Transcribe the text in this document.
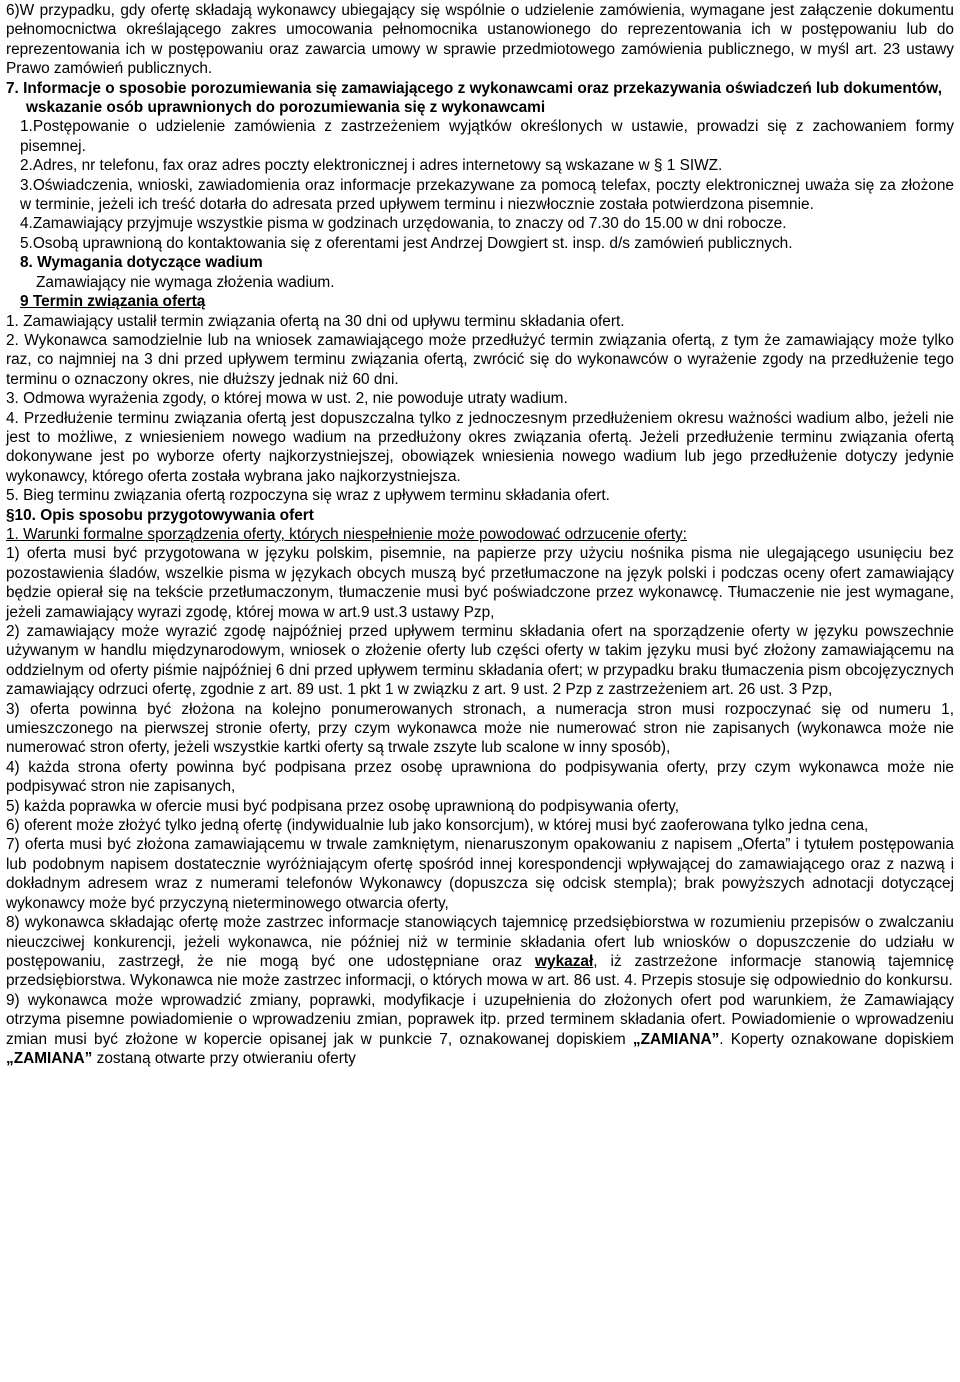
6)W przypadku, gdy ofertę składają wykonawcy ubiegający się wspólnie o udzielenie zamówienia, wymagane jest załączenie dokumentu pełnomocnictwa określającego zakres umocowania pełnomocnika ustanowionego do reprezentowania ich w postępowaniu lub do reprezentowania ich w postępowaniu oraz zawarcia umowy w sprawie przedmiotowego zamówienia publicznego, w myśl art. 23 ustawy Prawo zamówień publicznych.

7. Informacje o sposobie porozumiewania się zamawiającego z wykonawcami oraz przekazywania oświadczeń lub dokumentów, wskazanie osób uprawnionych do porozumiewania się z wykonawcami

1.Postępowanie o udzielenie zamówienia z zastrzeżeniem wyjątków określonych w ustawie, prowadzi się z zachowaniem formy pisemnej.

2.Adres, nr telefonu, fax oraz adres poczty elektronicznej i adres internetowy są wskazane w § 1 SIWZ.

3.Oświadczenia, wnioski, zawiadomienia oraz informacje przekazywane za pomocą telefax, poczty elektronicznej uważa się za złożone w terminie, jeżeli ich treść dotarła do adresata przed upływem terminu i niezwłocznie została potwierdzona pisemnie.

4.Zamawiający przyjmuje wszystkie pisma w godzinach urzędowania, to znaczy od 7.30 do 15.00 w dni robocze.

5.Osobą uprawnioną do kontaktowania się z oferentami jest Andrzej Dowgiert st. insp. d/s zamówień publicznych.

8. Wymagania dotyczące wadium

Zamawiający nie wymaga złożenia wadium.

9 Termin związania ofertą

1. Zamawiający ustalił termin związania ofertą na 30 dni od upływu terminu składania ofert.

2. Wykonawca samodzielnie lub na wniosek zamawiającego może przedłużyć termin związania ofertą, z tym że zamawiający może tylko raz, co najmniej na 3 dni przed upływem terminu związania ofertą, zwrócić się do wykonawców o wyrażenie zgody na przedłużenie tego terminu o oznaczony okres, nie dłuższy jednak niż 60 dni.

3. Odmowa wyrażenia zgody, o której mowa w ust. 2, nie powoduje utraty wadium.

4. Przedłużenie terminu związania ofertą jest dopuszczalna tylko z jednoczesnym przedłużeniem okresu ważności wadium albo, jeżeli nie jest to możliwe, z wniesieniem nowego wadium na przedłużony okres związania ofertą. Jeżeli przedłużenie terminu związania ofertą dokonywane jest po wyborze oferty najkorzystniejszej, obowiązek wniesienia nowego wadium lub jego przedłużenie dotyczy jedynie wykonawcy, którego oferta została wybrana jako najkorzystniejsza.

5. Bieg terminu związania ofertą rozpoczyna się wraz z upływem terminu składania ofert.

§10. Opis sposobu przygotowywania ofert

1. Warunki formalne sporządzenia oferty, których niespełnienie może powodować odrzucenie oferty:

1) oferta musi być przygotowana w języku polskim, pisemnie, na papierze przy użyciu nośnika pisma nie ulegającego usunięciu bez pozostawienia śladów, wszelkie pisma w językach obcych muszą być przetłumaczone na język polski i podczas oceny ofert zamawiający będzie opierał się na tekście przetłumaczonym, tłumaczenie musi być poświadczone przez wykonawcę. Tłumaczenie nie jest wymagane, jeżeli zamawiający wyrazi zgodę, której mowa w art.9 ust.3 ustawy Pzp,

2) zamawiający może wyrazić zgodę najpóźniej przed upływem terminu składania ofert na sporządzenie oferty w języku powszechnie używanym w handlu międzynarodowym, wniosek o złożenie oferty lub części oferty w takim języku musi być złożony zamawiającemu na oddzielnym od oferty piśmie najpóźniej 6 dni przed upływem terminu składania ofert; w przypadku braku tłumaczenia pism obcojęzycznych zamawiający odrzuci ofertę, zgodnie z art. 89 ust. 1 pkt 1 w związku z art. 9 ust. 2 Pzp z zastrzeżeniem art. 26 ust. 3 Pzp,

3) oferta powinna być złożona na kolejno ponumerowanych stronach, a numeracja stron musi rozpoczynać się od numeru 1, umieszczonego na pierwszej stronie oferty, przy czym wykonawca może nie numerować stron nie zapisanych (wykonawca może nie numerować stron oferty, jeżeli wszystkie kartki oferty są trwale zszyte lub scalone w inny sposób),

4) każda strona oferty powinna być podpisana przez osobę uprawniona do podpisywania oferty, przy czym wykonawca może nie podpisywać stron nie zapisanych,

5) każda poprawka w ofercie musi być podpisana przez osobę uprawnioną do podpisywania oferty,

6) oferent może złożyć tylko jedną ofertę (indywidualnie lub jako konsorcjum), w której musi być zaoferowana tylko jedna cena,

7) oferta musi być złożona zamawiającemu w trwale zamkniętym, nienaruszonym opakowaniu z napisem „Oferta” i tytułem postępowania lub podobnym napisem dostatecznie wyróżniającym ofertę spośród innej korespondencji wpływającej do zamawiającego oraz z nazwą i dokładnym adresem wraz z numerami telefonów Wykonawcy (dopuszcza się odcisk stempla); brak powyższych adnotacji dotyczącej wykonawcy może być przyczyną nieterminowego otwarcia oferty,

8) wykonawca składając ofertę może zastrzec informacje stanowiących tajemnicę przedsiębiorstwa w rozumieniu przepisów o zwalczaniu nieuczciwej konkurencji, jeżeli wykonawca, nie później niż w terminie składania ofert lub wniosków o dopuszczenie do udziału w postępowaniu, zastrzegł, że nie mogą być one udostępniane oraz wykazał, iż zastrzeżone informacje stanowią tajemnicę przedsiębiorstwa. Wykonawca nie może zastrzec informacji, o których mowa w art. 86 ust. 4. Przepis stosuje się odpowiednio do konkursu.

9) wykonawca może wprowadzić zmiany, poprawki, modyfikacje i uzupełnienia do złożonych ofert pod warunkiem, że Zamawiający otrzyma pisemne powiadomienie o wprowadzeniu zmian, poprawek itp. przed terminem składania ofert. Powiadomienie o wprowadzeniu zmian musi być złożone w kopercie opisanej jak w punkcie 7, oznakowanej dopiskiem „ZAMIANA”. Koperty oznakowane dopiskiem „ZAMIANA” zostaną otwarte przy otwieraniu oferty
